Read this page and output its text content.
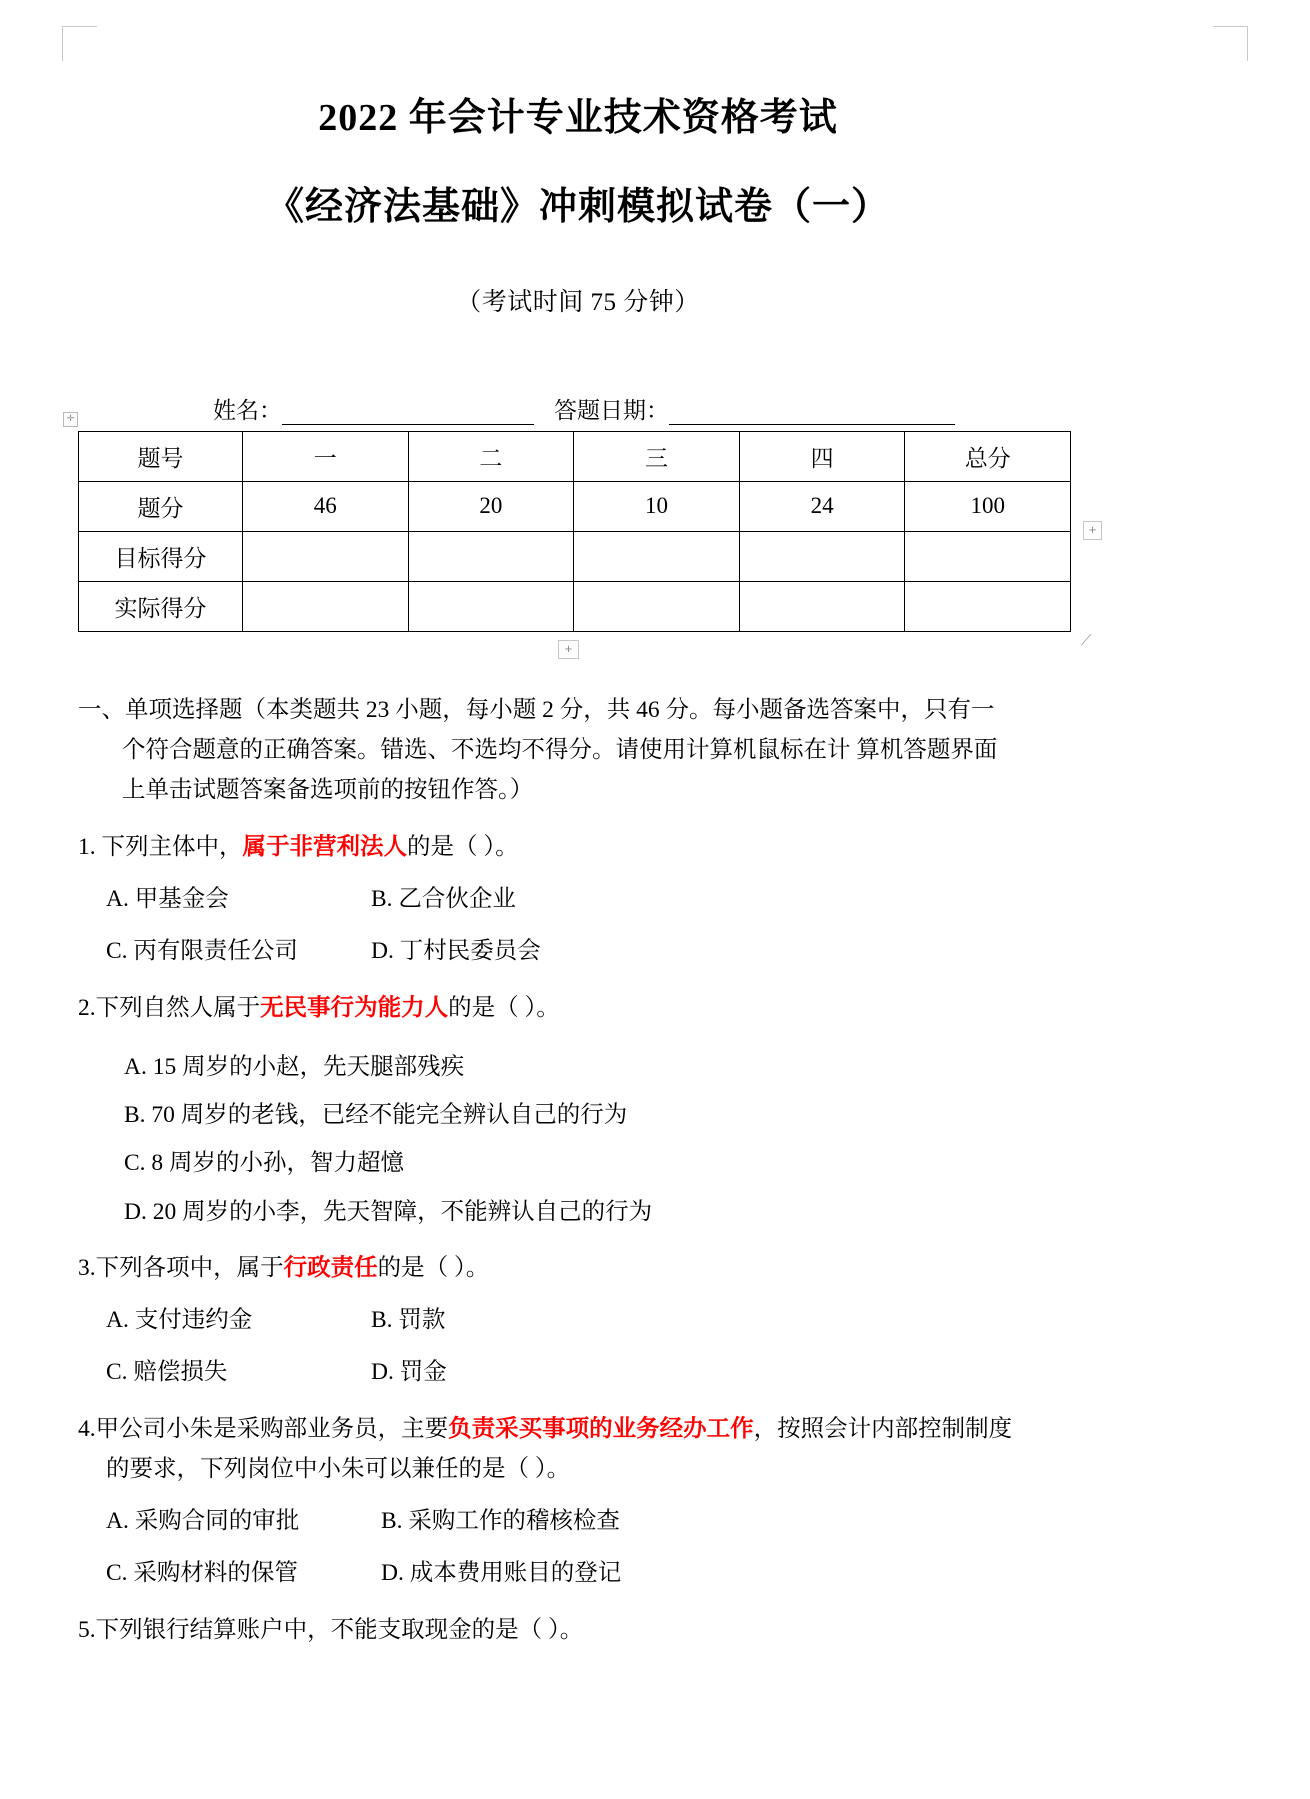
2022 年会计专业技术资格考试
《经济法基础》冲刺模拟试卷（一）

（考试时间 75 分钟）

姓名：	答题日期：
✛
题号	一	二	三	四	总分
题分	46	20	10	24	100
目标得分					
实际得分					
+
+	⟋

一、单项选择题（本类题共 23 小题，每小题 2 分，共 46 分。每小题备选答案中，只有一
个符合题意的正确答案。错选、不选均不得分。请使用计算机鼠标在计 算机答题界面
上单击试题答案备选项前的按钮作答。）

1. 下列主体中，属于非营利法人的是（ ）。
A. 甲基金会	B. 乙合伙企业
C. 丙有限责任公司	D. 丁村民委员会
2.下列自然人属于无民事行为能力人的是（ ）。
A. 15 周岁的小赵，先天腿部残疾
B. 70 周岁的老钱，已经不能完全辨认自己的行为
C. 8 周岁的小孙，智力超憶
D. 20 周岁的小李，先天智障，不能辨认自己的行为
3.下列各项中，属于行政责任的是（ ）。
A. 支付违约金	B. 罚款
C. 赔偿损失	D. 罚金
4.甲公司小朱是采购部业务员，主要负责采买事项的业务经办工作，按照会计内部控制制度
的要求，下列岗位中小朱可以兼任的是（ ）。
A. 采购合同的审批	B. 采购工作的稽核检查
C. 采购材料的保管	D. 成本费用账目的登记
5.下列银行结算账户中，不能支取现金的是（ ）。
